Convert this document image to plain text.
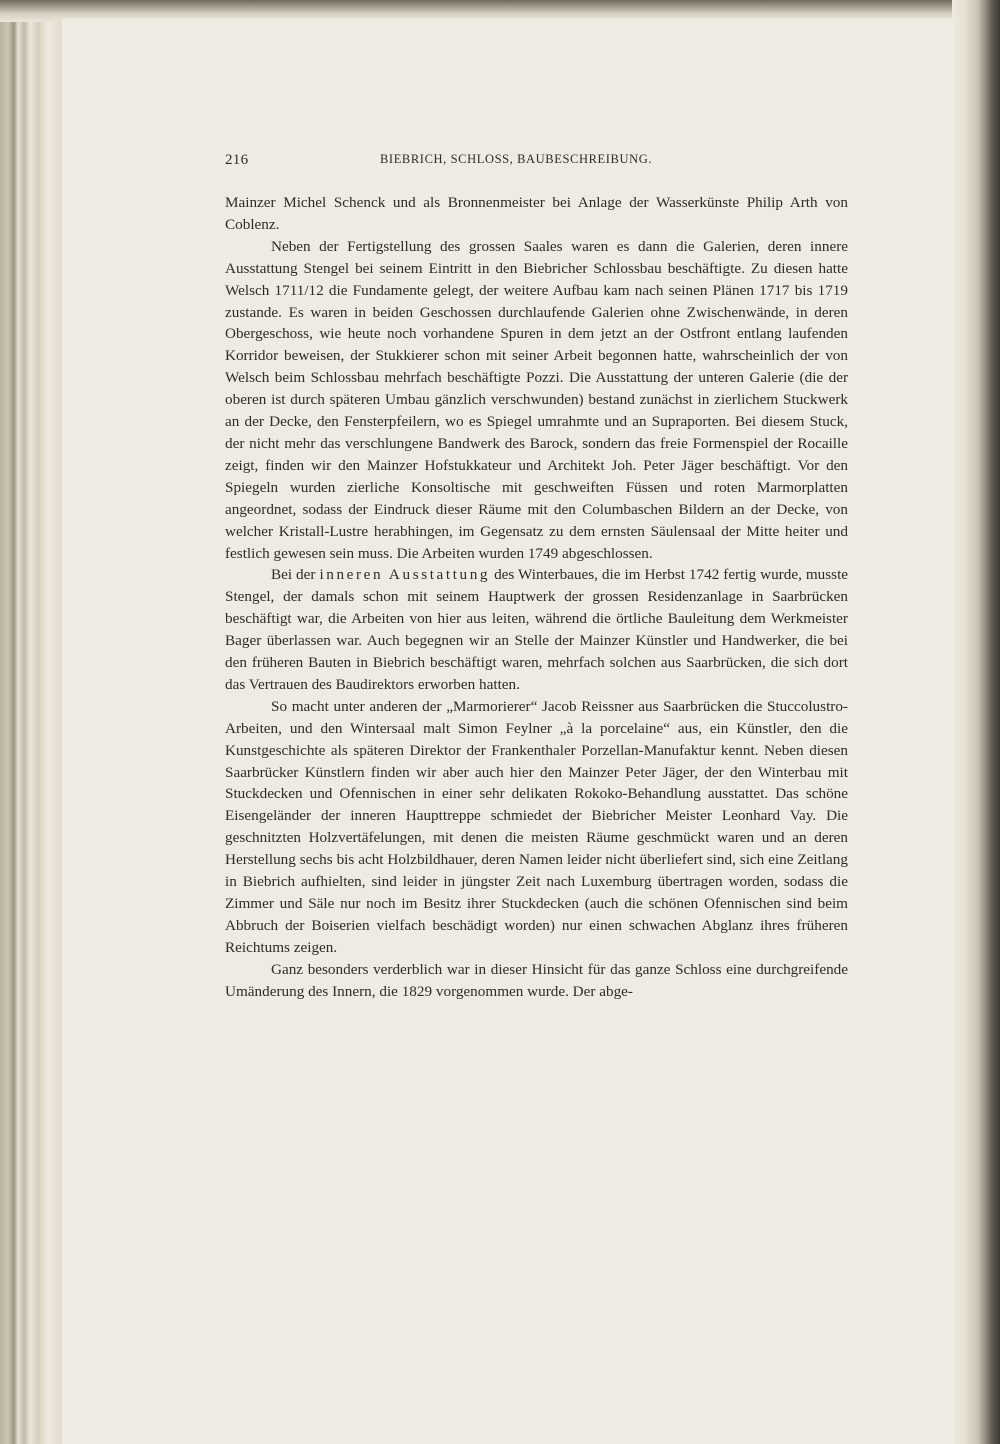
216	BIEBRICH, SCHLOSS, BAUBESCHREIBUNG.

Mainzer Michel Schenck und als Bronnenmeister bei Anlage der Wasserkünste Philip Arth von Coblenz.

Neben der Fertigstellung des grossen Saales waren es dann die Galerien, deren innere Ausstattung Stengel bei seinem Eintritt in den Biebricher Schlossbau beschäftigte. Zu diesen hatte Welsch 1711/12 die Fundamente gelegt, der weitere Aufbau kam nach seinen Plänen 1717 bis 1719 zustande. Es waren in beiden Geschossen durchlaufende Galerien ohne Zwischenwände, in deren Obergeschoss, wie heute noch vorhandene Spuren in dem jetzt an der Ostfront entlang laufenden Korridor beweisen, der Stukkierer schon mit seiner Arbeit begonnen hatte, wahrscheinlich der von Welsch beim Schlossbau mehrfach beschäftigte Pozzi. Die Ausstattung der unteren Galerie (die der oberen ist durch späteren Umbau gänzlich verschwunden) bestand zunächst in zierlichem Stuckwerk an der Decke, den Fensterpfeilern, wo es Spiegel umrahmte und an Supraporten. Bei diesem Stuck, der nicht mehr das verschlungene Bandwerk des Barock, sondern das freie Formenspiel der Rocaille zeigt, finden wir den Mainzer Hofstukkateur und Architekt Joh. Peter Jäger beschäftigt. Vor den Spiegeln wurden zierliche Konsoltische mit geschweiften Füssen und roten Marmorplatten angeordnet, sodass der Eindruck dieser Räume mit den Columbaschen Bildern an der Decke, von welcher Kristall-Lustre herabhingen, im Gegensatz zu dem ernsten Säulensaal der Mitte heiter und festlich gewesen sein muss. Die Arbeiten wurden 1749 abgeschlossen.

Bei der inneren Ausstattung des Winterbaues, die im Herbst 1742 fertig wurde, musste Stengel, der damals schon mit seinem Hauptwerk der grossen Residenzanlage in Saarbrücken beschäftigt war, die Arbeiten von hier aus leiten, während die örtliche Bauleitung dem Werkmeister Bager überlassen war. Auch begegnen wir an Stelle der Mainzer Künstler und Handwerker, die bei den früheren Bauten in Biebrich beschäftigt waren, mehrfach solchen aus Saarbrücken, die sich dort das Vertrauen des Baudirektors erworben hatten.

So macht unter anderen der „Marmorierer“ Jacob Reissner aus Saarbrücken die Stuccolustro-Arbeiten, und den Wintersaal malt Simon Feylner „à la porcelaine“ aus, ein Künstler, den die Kunstgeschichte als späteren Direktor der Frankenthaler Porzellan-Manufaktur kennt. Neben diesen Saarbrücker Künstlern finden wir aber auch hier den Mainzer Peter Jäger, der den Winterbau mit Stuckdecken und Ofennischen in einer sehr delikaten Rokoko-Behandlung ausstattet. Das schöne Eisengeländer der inneren Haupttreppe schmiedet der Biebricher Meister Leonhard Vay. Die geschnitzten Holzvertäfelungen, mit denen die meisten Räume geschmückt waren und an deren Herstellung sechs bis acht Holzbildhauer, deren Namen leider nicht überliefert sind, sich eine Zeitlang in Biebrich aufhielten, sind leider in jüngster Zeit nach Luxemburg übertragen worden, sodass die Zimmer und Säle nur noch im Besitz ihrer Stuckdecken (auch die schönen Ofennischen sind beim Abbruch der Boiserien vielfach beschädigt worden) nur einen schwachen Abglanz ihres früheren Reichtums zeigen.

Ganz besonders verderblich war in dieser Hinsicht für das ganze Schloss eine durchgreifende Umänderung des Innern, die 1829 vorgenommen wurde. Der abge-
